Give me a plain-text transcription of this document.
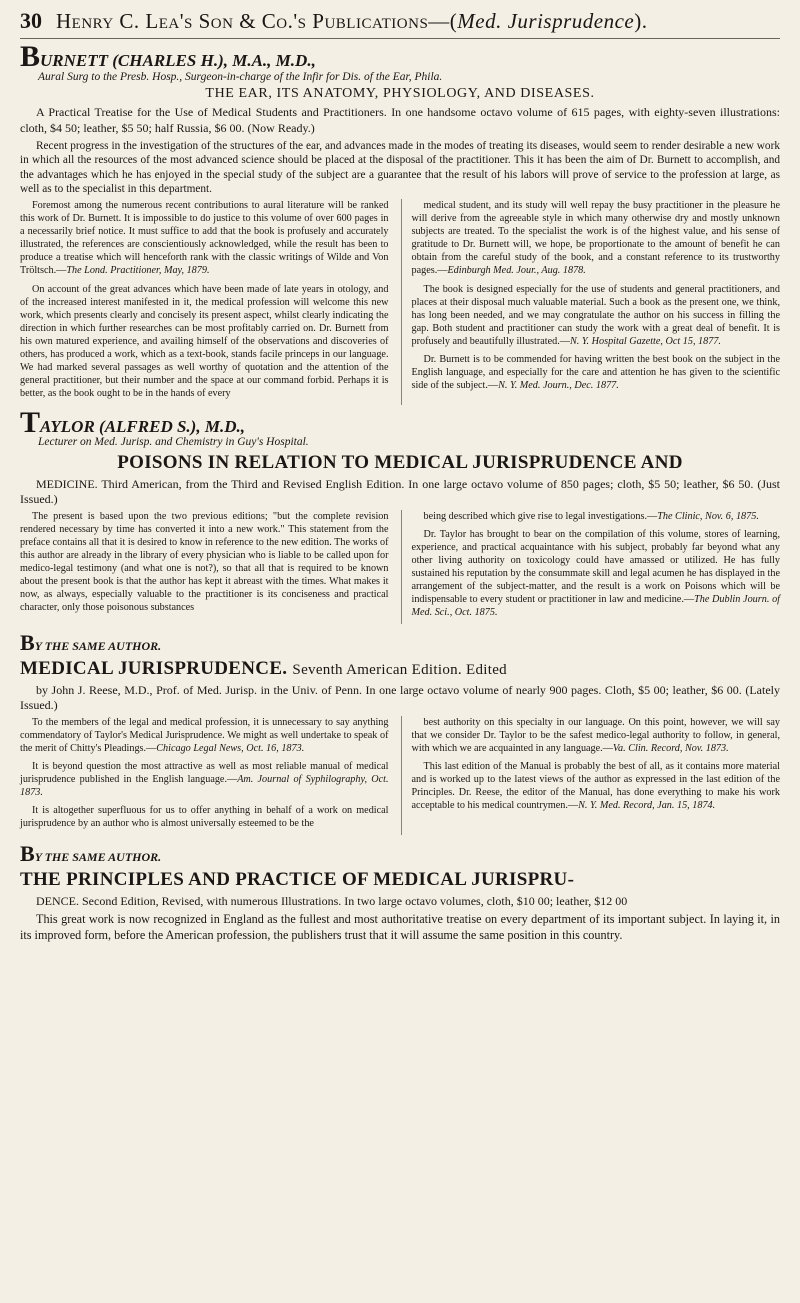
30 Henry C. Lea's Son & Co.'s Publications—(Med. Jurisprudence).
BURNETT (CHARLES H.), M.A., M.D.,
Aural Surg to the Presb. Hosp., Surgeon-in-charge of the Infir for Dis. of the Ear, Phila.
THE EAR, ITS ANATOMY, PHYSIOLOGY, AND DISEASES.
A Practical Treatise for the Use of Medical Students and Practitioners. In one handsome octavo volume of 615 pages, with eighty-seven illustrations: cloth, $4 50; leather, $5 50; half Russia, $6 00. (Now Ready.)
Recent progress in the investigation of the structures of the ear, and advances made in the modes of treating its diseases, would seem to render desirable a new work in which all the resources of the most advanced science should be placed at the disposal of the practitioner. This it has been the aim of Dr. Burnett to accomplish, and the advantages which he has enjoyed in the special study of the subject are a guarantee that the result of his labors will prove of service to the profession at large, as well as to the specialist in this department.

Foremost among the numerous recent contributions to aural literature will be ranked this work of Dr. Burnett. It is impossible to do justice to this volume of over 600 pages in a necessarily brief notice. It must suffice to add that the book is profusely and accurately illustrated, the references are conscientiously acknowledged, while the result has been to produce a treatise which will henceforth rank with the classic writings of Wilde and Von Tröltsch.—The Lond. Practitioner, May, 1879.

On account of the great advances which have been made of late years in otology, and of the increased interest manifested in it, the medical profession will welcome this new work, which presents clearly and concisely its present aspect, whilst clearly indicating the direction in which further researches can be most profitably carried on. Dr. Burnett from his own matured experience, and availing himself of the observations and discoveries of others, has produced a work, which as a text-book, stands facile princeps in our language. We had marked several passages as well worthy of quotation and the attention of the general practitioner, but their number and the space at our command forbid. Perhaps it is better, as the book ought to be in the hands of every

medical student, and its study will well repay the busy practitioner in the pleasure he will derive from the agreeable style in which many otherwise dry and mostly unknown subjects are treated. To the specialist the work is of the highest value, and his sense of gratitude to Dr. Burnett will, we hope, be proportionate to the amount of benefit he can obtain from the careful study of the book, and a constant reference to its trustworthy pages.—Edinburgh Med. Jour., Aug. 1878.

The book is designed especially for the use of students and general practitioners, and places at their disposal much valuable material. Such a book as the present one, we think, has long been needed, and we may congratulate the author on his success in filling the gap. Both student and practitioner can study the work with a great deal of benefit. It is profusely and beautifully illustrated.—N. Y. Hospital Gazette, Oct 15, 1877.

Dr. Burnett is to be commended for having written the best book on the subject in the English language, and especially for the care and attention he has given to the scientific side of the subject.—N. Y. Med. Journ., Dec. 1877.

TAYLOR (ALFRED S.), M.D.,
Lecturer on Med. Jurisp. and Chemistry in Guy's Hospital.
POISONS IN RELATION TO MEDICAL JURISPRUDENCE AND
MEDICINE. Third American, from the Third and Revised English Edition. In one large octavo volume of 850 pages; cloth, $5 50; leather, $6 50. (Just Issued.)

The present is based upon the two previous editions; "but the complete revision rendered necessary by time has converted it into a new work." This statement from the preface contains all that it is desired to know in reference to the new edition. The works of this author are already in the library of every physician who is liable to be called upon for medico-legal testimony (and what one is not?), so that all that is required to be known about the present book is that the author has kept it abreast with the times. What makes it now, as always, especially valuable to the practitioner is its conciseness and practical character, only those poisonous substances

being described which give rise to legal investigations.—The Clinic, Nov. 6, 1875.

Dr. Taylor has brought to bear on the compilation of this volume, stores of learning, experience, and practical acquaintance with his subject, probably far beyond what any other living authority on toxicology could have amassed or utilized. He has fully sustained his reputation by the consummate skill and legal acumen he has displayed in the arrangement of the subject-matter, and the result is a work on Poisons which will be indispensable to every student or practitioner in law and medicine.—The Dublin Journ. of Med. Sci., Oct. 1875.

BY THE SAME AUTHOR.
MEDICAL JURISPRUDENCE. Seventh American Edition. Edited
by John J. Reese, M.D., Prof. of Med. Jurisp. in the Univ. of Penn. In one large octavo volume of nearly 900 pages. Cloth, $5 00; leather, $6 00. (Lately Issued.)

To the members of the legal and medical profession, it is unnecessary to say anything commendatory of Taylor's Medical Jurisprudence. We might as well undertake to speak of the merit of Chitty's Pleadings.—Chicago Legal News, Oct. 16, 1873.

It is beyond question the most attractive as well as most reliable manual of medical jurisprudence published in the English language.—Am. Journal of Syphilography, Oct. 1873.

It is altogether superfluous for us to offer anything in behalf of a work on medical jurisprudence by an author who is almost universally esteemed to be the

best authority on this specialty in our language. On this point, however, we will say that we consider Dr. Taylor to be the safest medico-legal authority to follow, in general, with which we are acquainted in any language.—Va. Clin. Record, Nov. 1873.

This last edition of the Manual is probably the best of all, as it contains more material and is worked up to the latest views of the author as expressed in the last edition of the Principles. Dr. Reese, the editor of the Manual, has done everything to make his work acceptable to his medical countrymen.—N. Y. Med. Record, Jan. 15, 1874.

BY THE SAME AUTHOR.
THE PRINCIPLES AND PRACTICE OF MEDICAL JURISPRU-
DENCE. Second Edition, Revised, with numerous Illustrations. In two large octavo volumes, cloth, $10 00; leather, $12 00
This great work is now recognized in England as the fullest and most authoritative treatise on every department of its important subject. In laying it, in its improved form, before the American profession, the publishers trust that it will assume the same position in this country.
